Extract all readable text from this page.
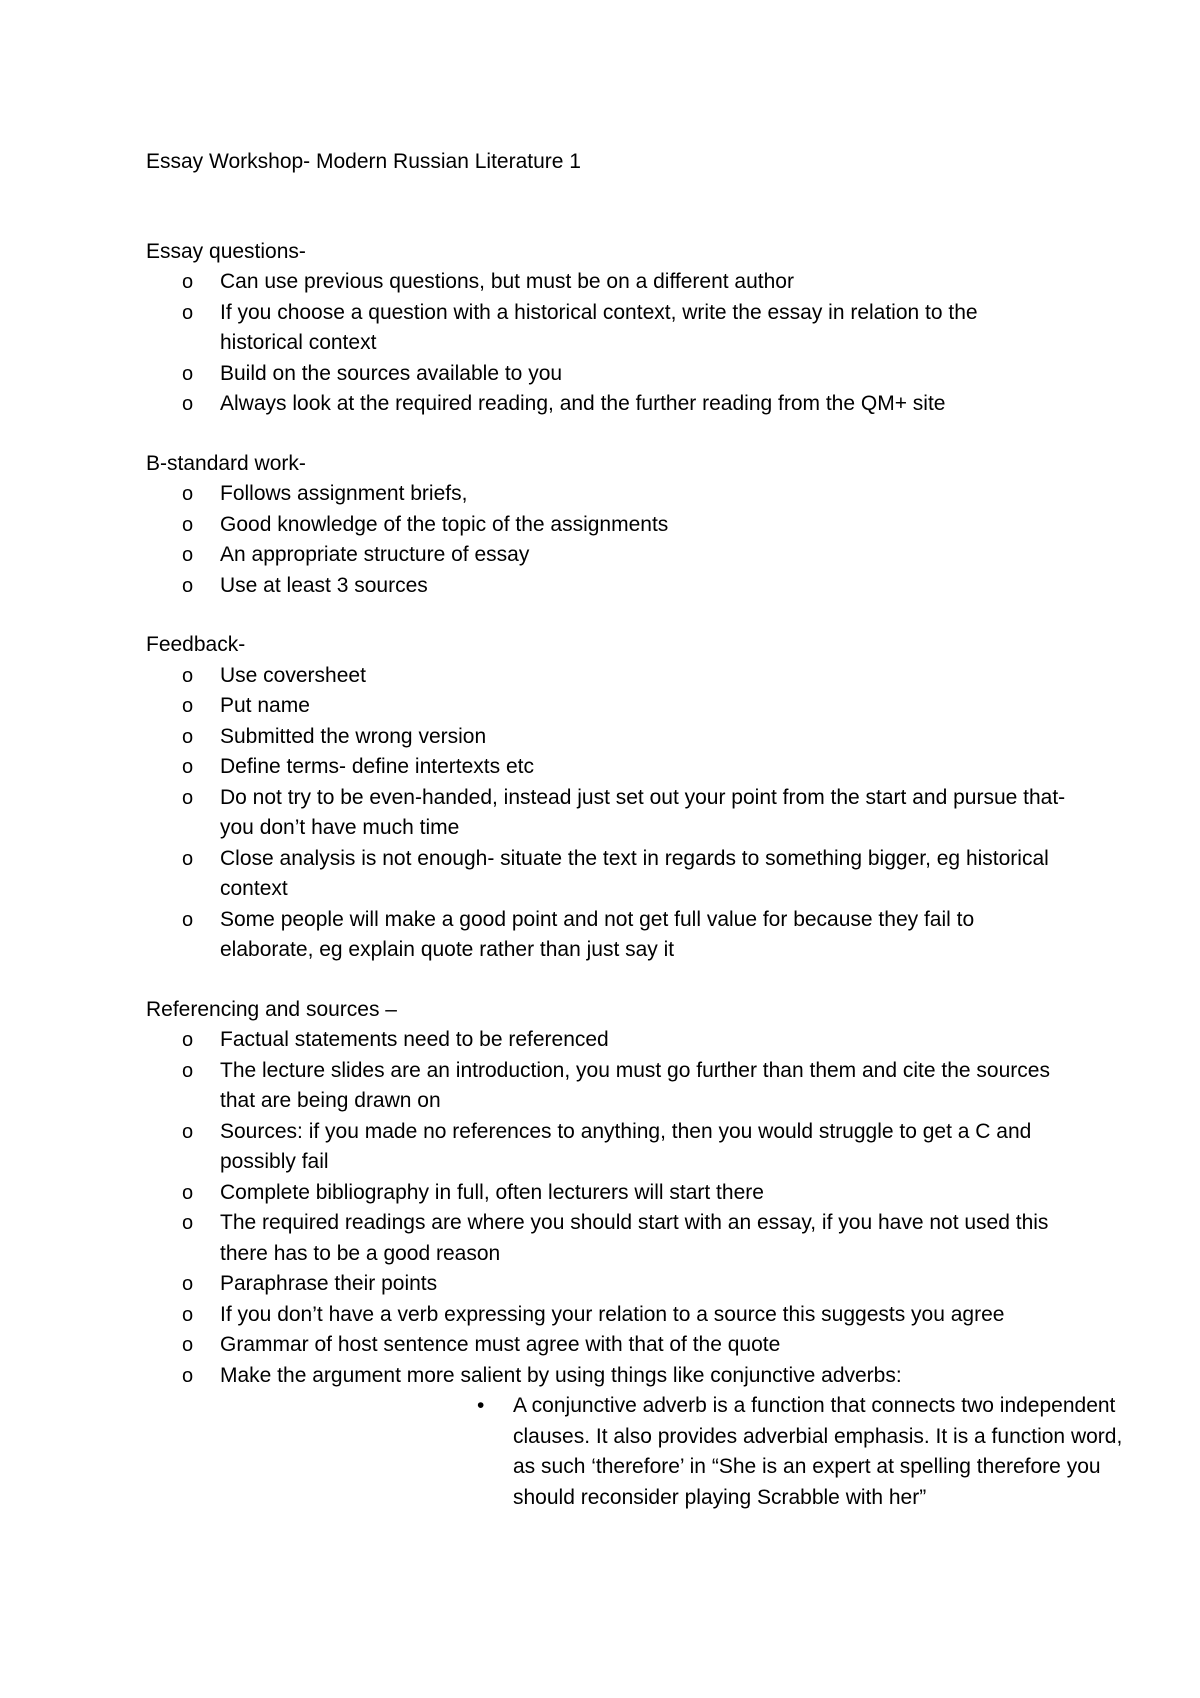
Essay Workshop- Modern Russian Literature 1

Essay questions-

o Can use previous questions, but must be on a different author
o If you choose a question with a historical context, write the essay in relation to the historical context
o Build on the sources available to you
o Always look at the required reading, and the further reading from the QM+ site

B-standard work-

o Follows assignment briefs,
o Good knowledge of the topic of the assignments
o An appropriate structure of essay
o Use at least 3 sources

Feedback-

o Use coversheet
o Put name
o Submitted the wrong version
o Define terms- define intertexts etc
o Do not try to be even-handed, instead just set out your point from the start and pursue that- you don’t have much time
o Close analysis is not enough- situate the text in regards to something bigger, eg historical context
o Some people will make a good point and not get full value for because they fail to elaborate, eg explain quote rather than just say it

Referencing and sources –

o Factual statements need to be referenced
o The lecture slides are an introduction, you must go further than them and cite the sources that are being drawn on
o Sources: if you made no references to anything, then you would struggle to get a C and possibly fail
o Complete bibliography in full, often lecturers will start there
o The required readings are where you should start with an essay, if you have not used this there has to be a good reason
o Paraphrase their points
o If you don’t have a verb expressing your relation to a source this suggests you agree
o Grammar of host sentence must agree with that of the quote
o Make the argument more salient by using things like conjunctive adverbs:
• A conjunctive adverb is a function that connects two independent clauses. It also provides adverbial emphasis. It is a function word, as such ‘therefore’ in “She is an expert at spelling therefore you should reconsider playing Scrabble with her”
